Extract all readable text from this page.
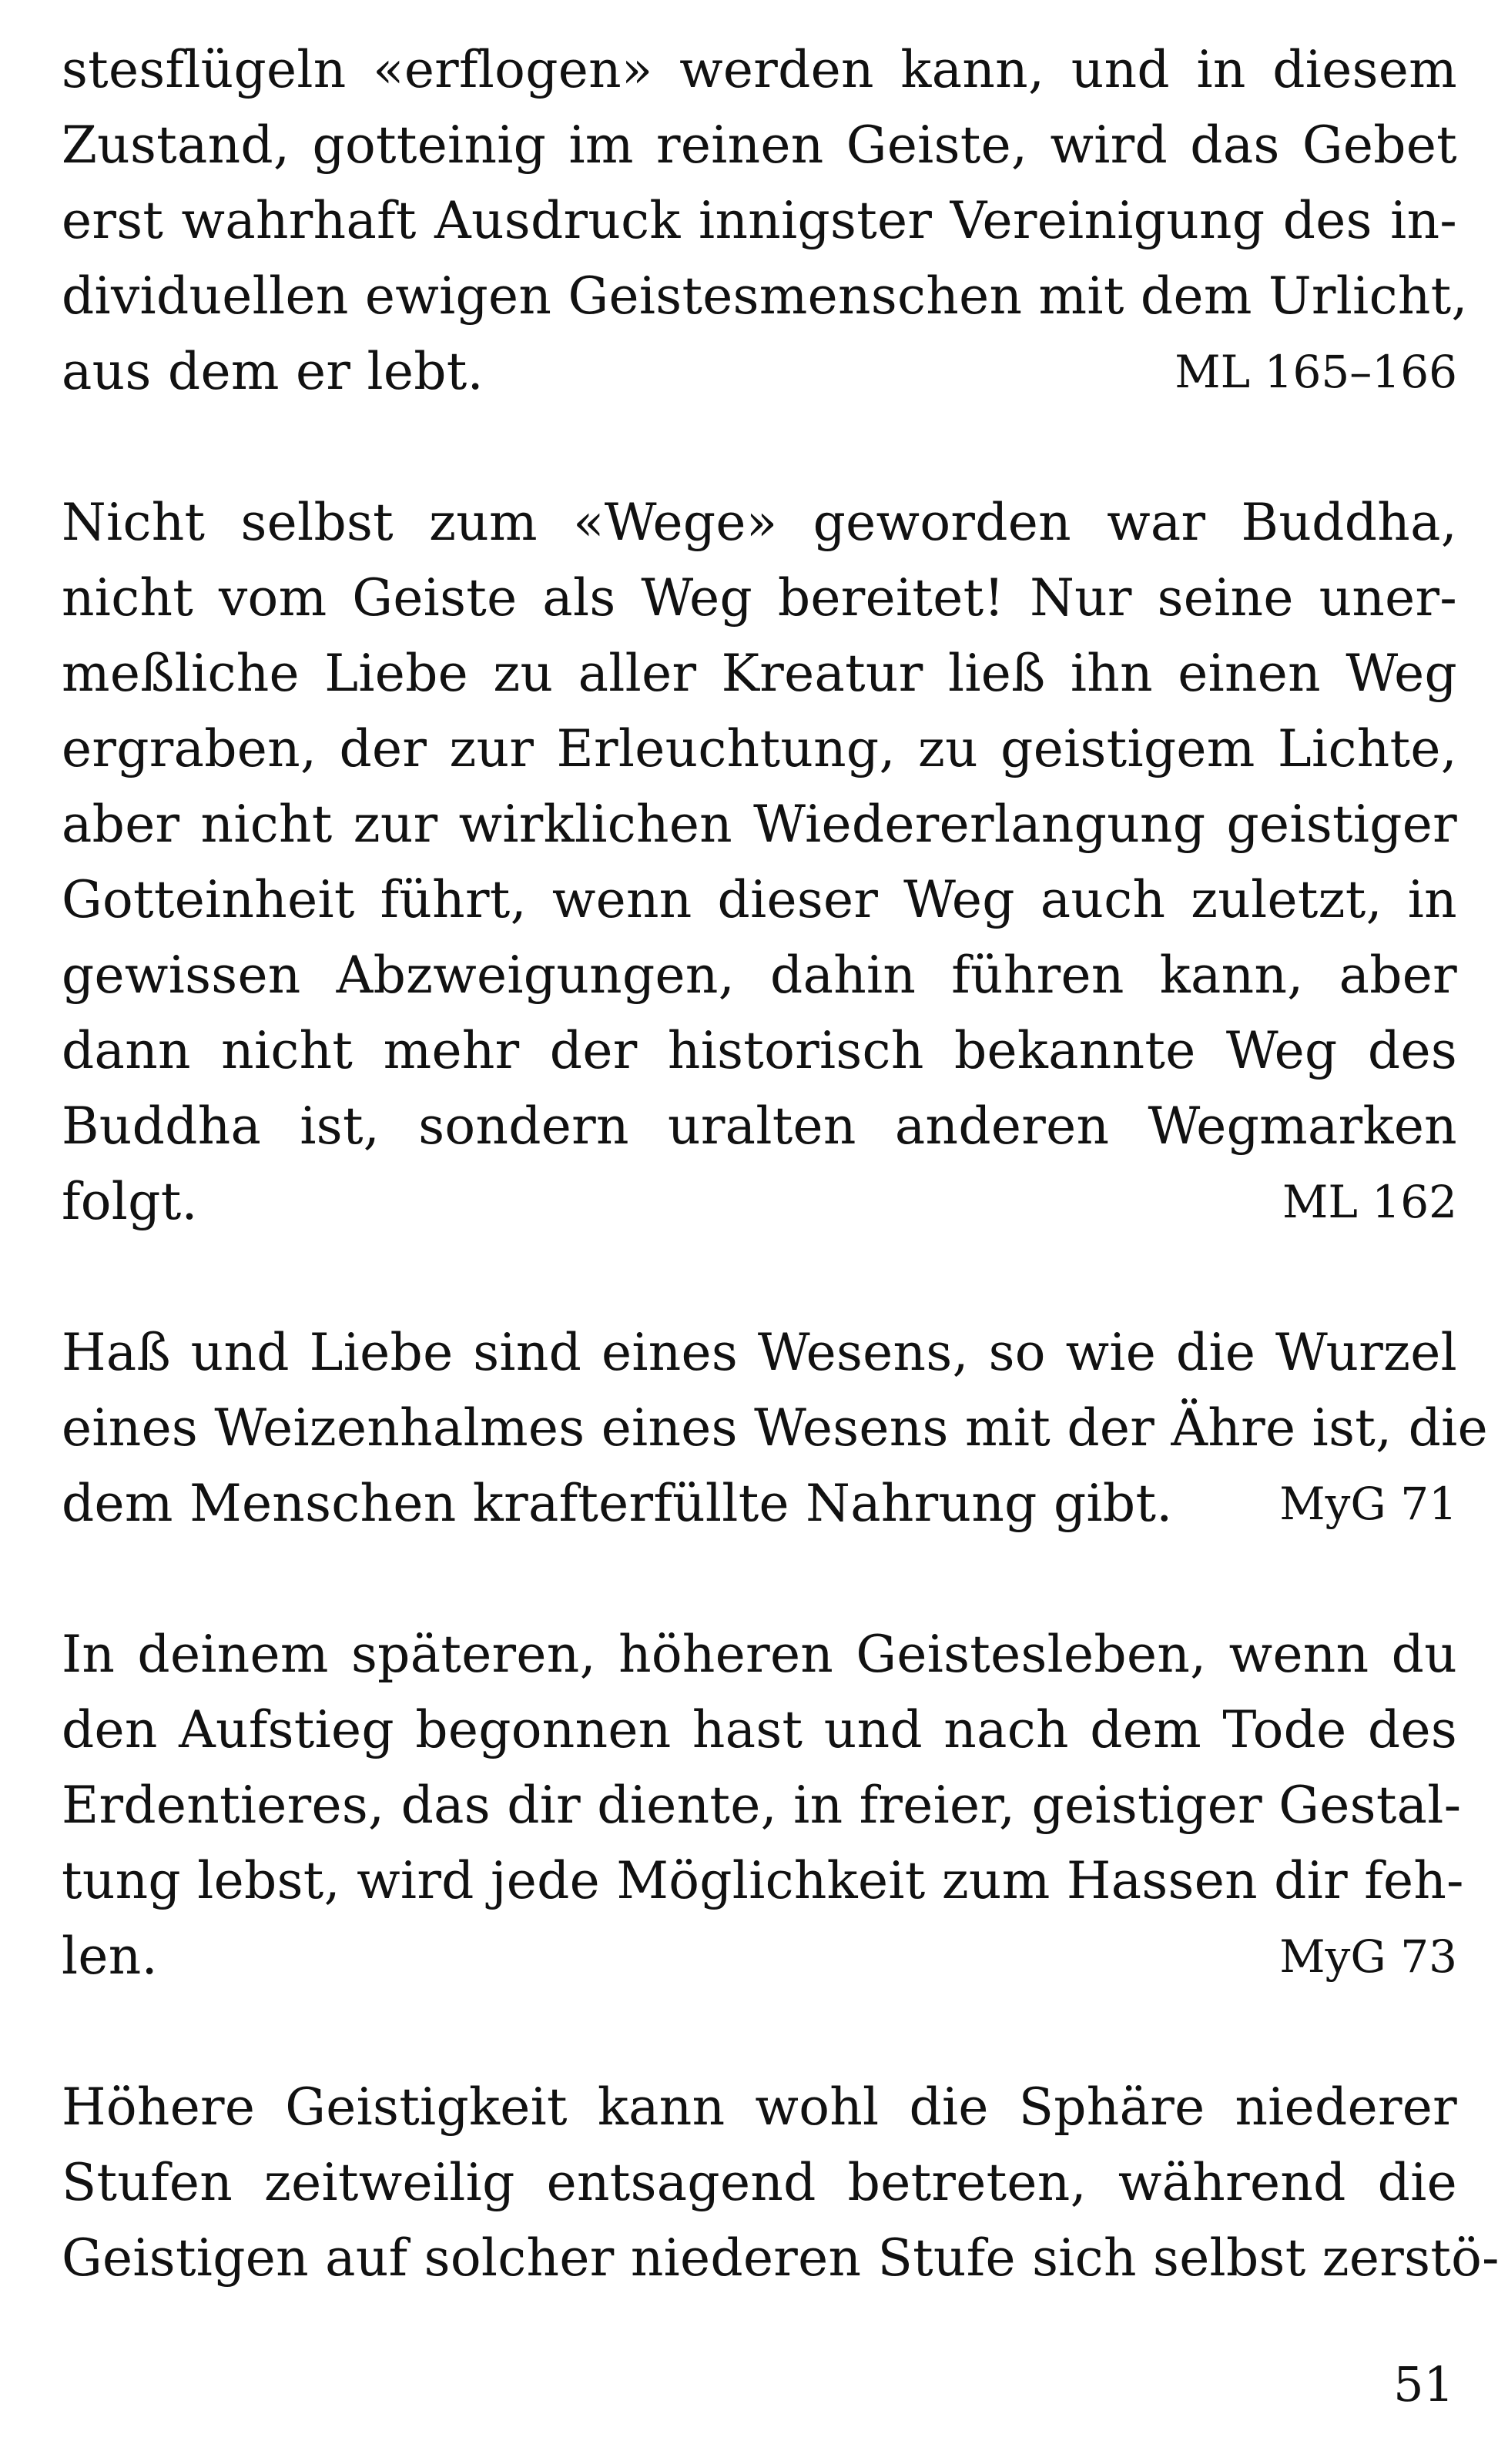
stesflügeln «erflogen» werden kann, und in diesem
Zustand, gotteinig im reinen Geiste, wird das Gebet
erst wahrhaft Ausdruck innigster Vereinigung des in-
dividuellen ewigen Geistesmenschen mit dem Urlicht,
aus dem er lebt.	ML 165–166
Nicht selbst zum «Wege» geworden war Buddha,
nicht vom Geiste als Weg bereitet! Nur seine uner-
meßliche Liebe zu aller Kreatur ließ ihn einen Weg
ergraben, der zur Erleuchtung, zu geistigem Lichte,
aber nicht zur wirklichen Wiedererlangung geistiger
Gotteinheit führt, wenn dieser Weg auch zuletzt, in
gewissen Abzweigungen, dahin führen kann, aber
dann nicht mehr der historisch bekannte Weg des
Buddha ist, sondern uralten anderen Wegmarken
folgt.	ML 162
Haß und Liebe sind eines Wesens, so wie die Wurzel
eines Weizenhalmes eines Wesens mit der Ähre ist, die
dem Menschen krafterfüllte Nahrung gibt. MyG 71
In deinem späteren, höheren Geistesleben, wenn du
den Aufstieg begonnen hast und nach dem Tode des
Erdentieres, das dir diente, in freier, geistiger Gestal-
tung lebst, wird jede Möglichkeit zum Hassen dir feh-
len.	MyG 73
Höhere Geistigkeit kann wohl die Sphäre niederer
Stufen zeitweilig entsagend betreten, während die
Geistigen auf solcher niederen Stufe sich selbst zerstö-
51
